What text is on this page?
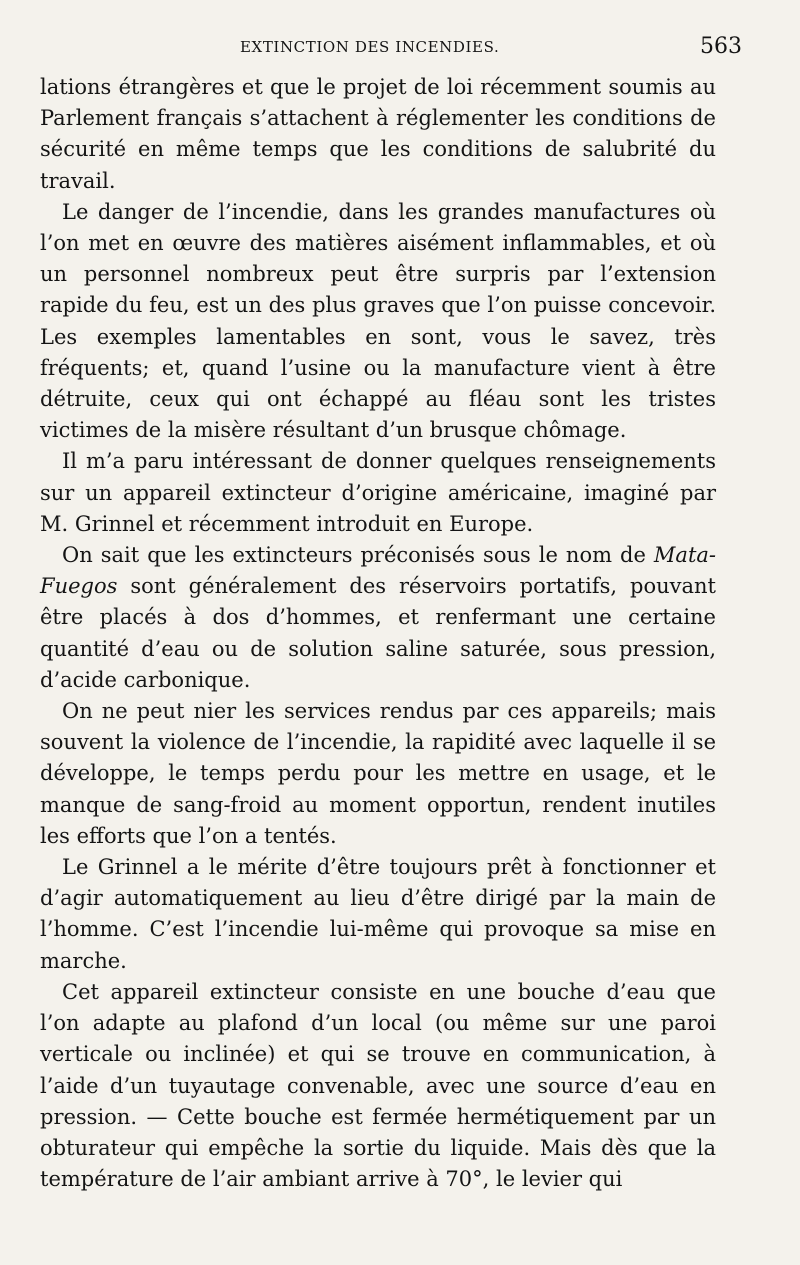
EXTINCTION DES INCENDIES.	563

lations étrangères et que le projet de loi récemment soumis au Parlement français s’attachent à réglementer les conditions de sécurité en même temps que les conditions de salubrité du travail.

Le danger de l’incendie, dans les grandes manufactures où l’on met en œuvre des matières aisément inflammables, et où un personnel nombreux peut être surpris par l’extension rapide du feu, est un des plus graves que l’on puisse concevoir. Les exemples lamentables en sont, vous le savez, très fréquents; et, quand l’usine ou la manufacture vient à être détruite, ceux qui ont échappé au fléau sont les tristes victimes de la misère résultant d’un brusque chômage.

Il m’a paru intéressant de donner quelques renseignements sur un appareil extincteur d’origine américaine, imaginé par M. Grinnel et récemment introduit en Europe.

On sait que les extincteurs préconisés sous le nom de Mata-Fuegos sont généralement des réservoirs portatifs, pouvant être placés à dos d’hommes, et renfermant une certaine quantité d’eau ou de solution saline saturée, sous pression, d’acide carbonique.

On ne peut nier les services rendus par ces appareils; mais souvent la violence de l’incendie, la rapidité avec laquelle il se développe, le temps perdu pour les mettre en usage, et le manque de sang-froid au moment opportun, rendent inutiles les efforts que l’on a tentés.

Le Grinnel a le mérite d’être toujours prêt à fonctionner et d’agir automatiquement au lieu d’être dirigé par la main de l’homme. C’est l’incendie lui-même qui provoque sa mise en marche.

Cet appareil extincteur consiste en une bouche d’eau que l’on adapte au plafond d’un local (ou même sur une paroi verticale ou inclinée) et qui se trouve en communication, à l’aide d’un tuyautage convenable, avec une source d’eau en pression. — Cette bouche est fermée hermétiquement par un obturateur qui empêche la sortie du liquide. Mais dès que la température de l’air ambiant arrive à 70°, le levier qui
